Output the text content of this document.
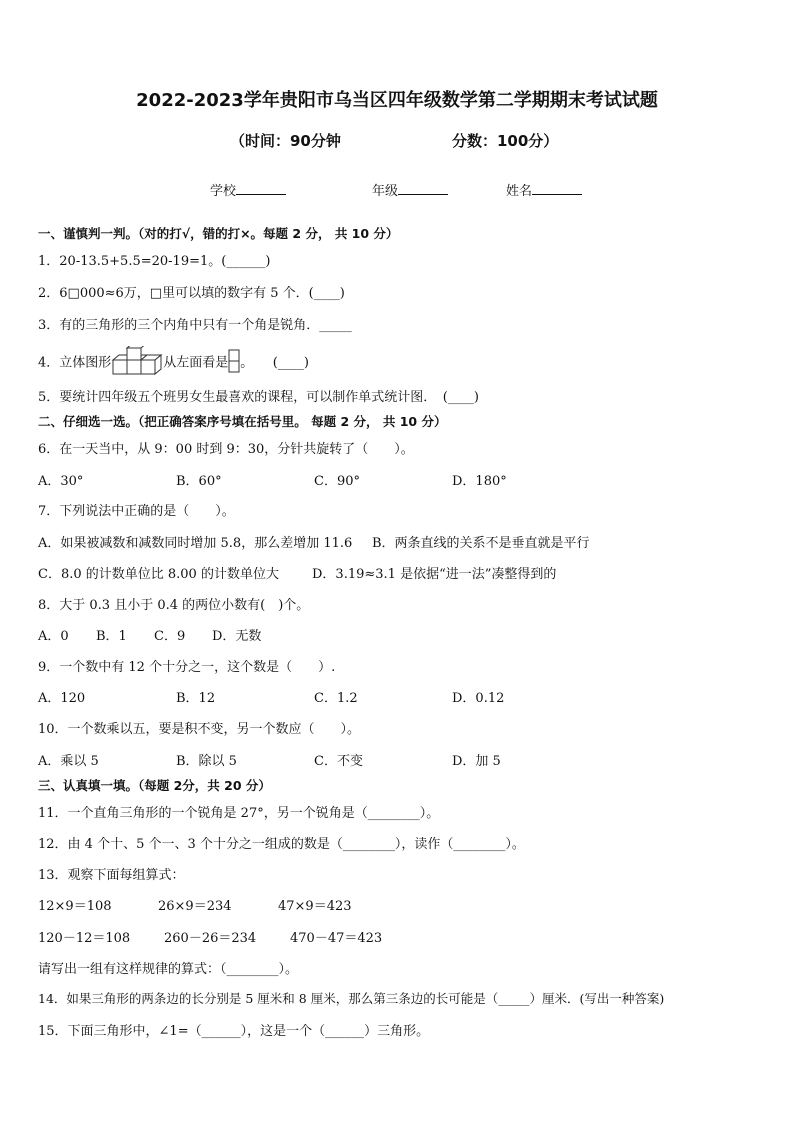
2022-2023学年贵阳市乌当区四年级数学第二学期期末考试试题
（时间：90分钟	分数：100分）
学校	年级	姓名
一、谨慎判一判。（对的打√，错的打×。每题 2 分， 共 10 分）
1．20-13.5+5.5=20-19=1。(______)
2．6□000≈6万，□里可以填的数字有 5 个．(____)
3．有的三角形的三个内角中只有一个角是锐角．_____
4．立体图形	从左面看是 。　　(____)
5．要统计四年级五个班男女生最喜欢的课程，可以制作单式统计图．　(____)
二、仔细选一选。（把正确答案序号填在括号里。 每题 2 分， 共 10 分）
6．在一天当中，从 9：00 时到 9：30，分针共旋转了（　　）。
A．30°	B．60°	C．90°	D．180°
7．下列说法中正确的是（　　）。
A．如果被减数和减数同时增加 5.8，那么差增加 11.6 B．两条直线的关系不是垂直就是平行
C．8.0 的计数单位比 8.00 的计数单位大	D．3.19≈3.1 是依据“进一法”凑整得到的
8．大于 0.3 且小于 0.4 的两位小数有(　)个。
A．0 B．1 C．9 D．无数
9．一个数中有 12 个十分之一，这个数是（　　）.
A．120	B．12	C．1.2	D．0.12
10．一个数乘以五，要是积不变，另一个数应（　　）。
A．乘以 5	B．除以 5	C．不变	D．加 5
三、认真填一填。（每题 2分，共 20 分）
11．一个直角三角形的一个锐角是 27°，另一个锐角是（________）。
12．由 4 个十、5 个一、3 个十分之一组成的数是（________），读作（________）。
13．观察下面每组算式：
12×9＝108	26×9＝234	47×9＝423
120－12＝108	260－26＝234	470－47＝423
请写出一组有这样规律的算式：（________）。
14．如果三角形的两条边的长分别是 5 厘米和 8 厘米，那么第三条边的长可能是（_____）厘米．(写出一种答案)
15．下面三角形中，∠1=（______），这是一个（______）三角形。
